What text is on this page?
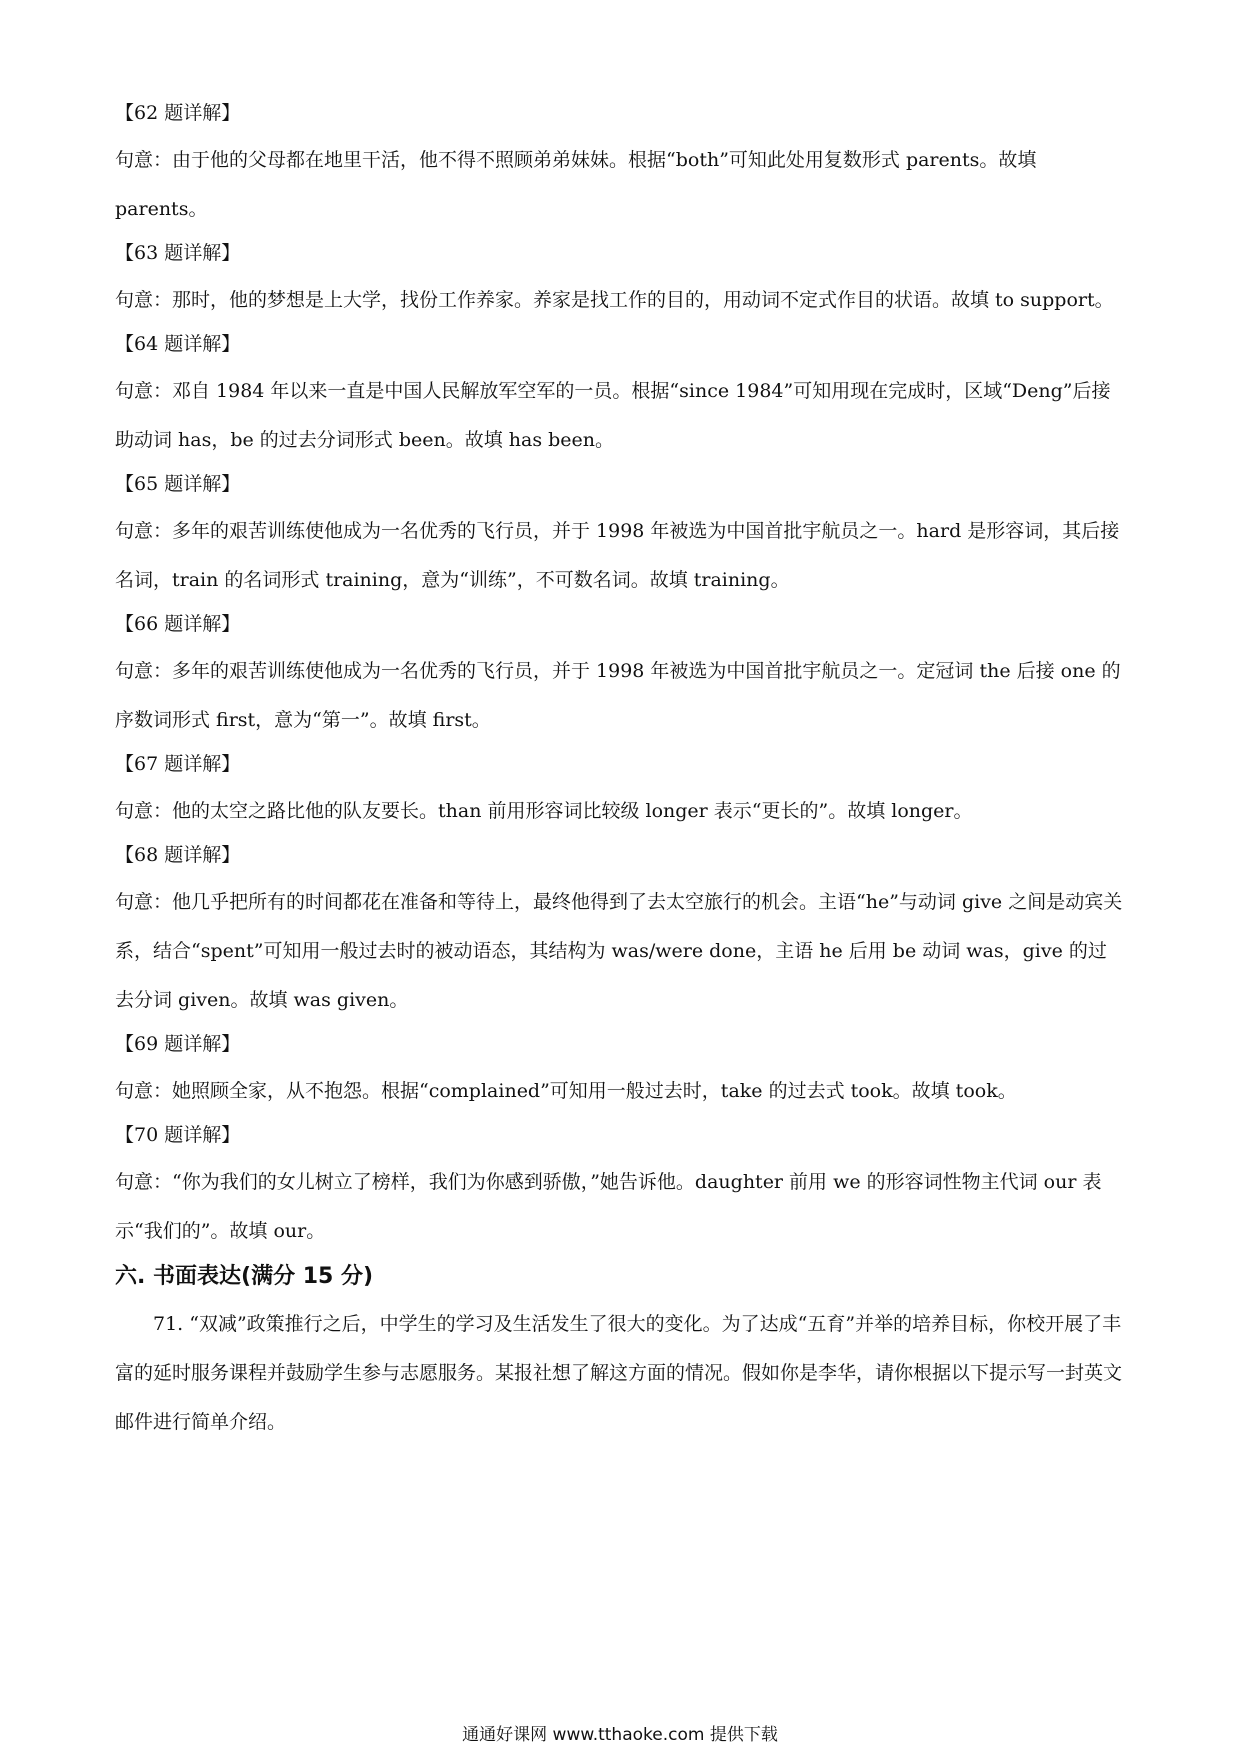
【62 题详解】

句意：由于他的父母都在地里干活，他不得不照顾弟弟妹妹。根据“both”可知此处用复数形式 parents。故填 parents。

【63 题详解】

句意：那时，他的梦想是上大学，找份工作养家。养家是找工作的目的，用动词不定式作目的状语。故填 to support。

【64 题详解】

句意：邓自 1984 年以来一直是中国人民解放军空军的一员。根据“since 1984”可知用现在完成时，区域“Deng”后接助动词 has，be 的过去分词形式 been。故填 has been。

【65 题详解】

句意：多年的艰苦训练使他成为一名优秀的飞行员，并于 1998 年被选为中国首批宇航员之一。hard 是形容词，其后接名词，train 的名词形式 training，意为“训练”，不可数名词。故填 training。

【66 题详解】

句意：多年的艰苦训练使他成为一名优秀的飞行员，并于 1998 年被选为中国首批宇航员之一。定冠词 the 后接 one 的序数词形式 first，意为“第一”。故填 first。

【67 题详解】

句意：他的太空之路比他的队友要长。than 前用形容词比较级 longer 表示“更长的”。故填 longer。

【68 题详解】

句意：他几乎把所有的时间都花在准备和等待上，最终他得到了去太空旅行的机会。主语“he”与动词 give 之间是动宾关系，结合“spent”可知用一般过去时的被动语态，其结构为 was/were done，主语 he 后用 be 动词 was，give 的过去分词 given。故填 was given。

【69 题详解】

句意：她照顾全家，从不抱怨。根据“complained”可知用一般过去时，take 的过去式 took。故填 took。

【70 题详解】

句意：“你为我们的女儿树立了榜样，我们为你感到骄傲，”她告诉他。daughter 前用 we 的形容词性物主代词 our 表示“我们的”。故填 our。

六. 书面表达(满分 15 分)

71. “双减”政策推行之后，中学生的学习及生活发生了很大的变化。为了达成“五育”并举的培养目标，你校开展了丰富的延时服务课程并鼓励学生参与志愿服务。某报社想了解这方面的情况。假如你是李华，请你根据以下提示写一封英文邮件进行简单介绍。

通通好课网 www.tthaoke.com 提供下载
